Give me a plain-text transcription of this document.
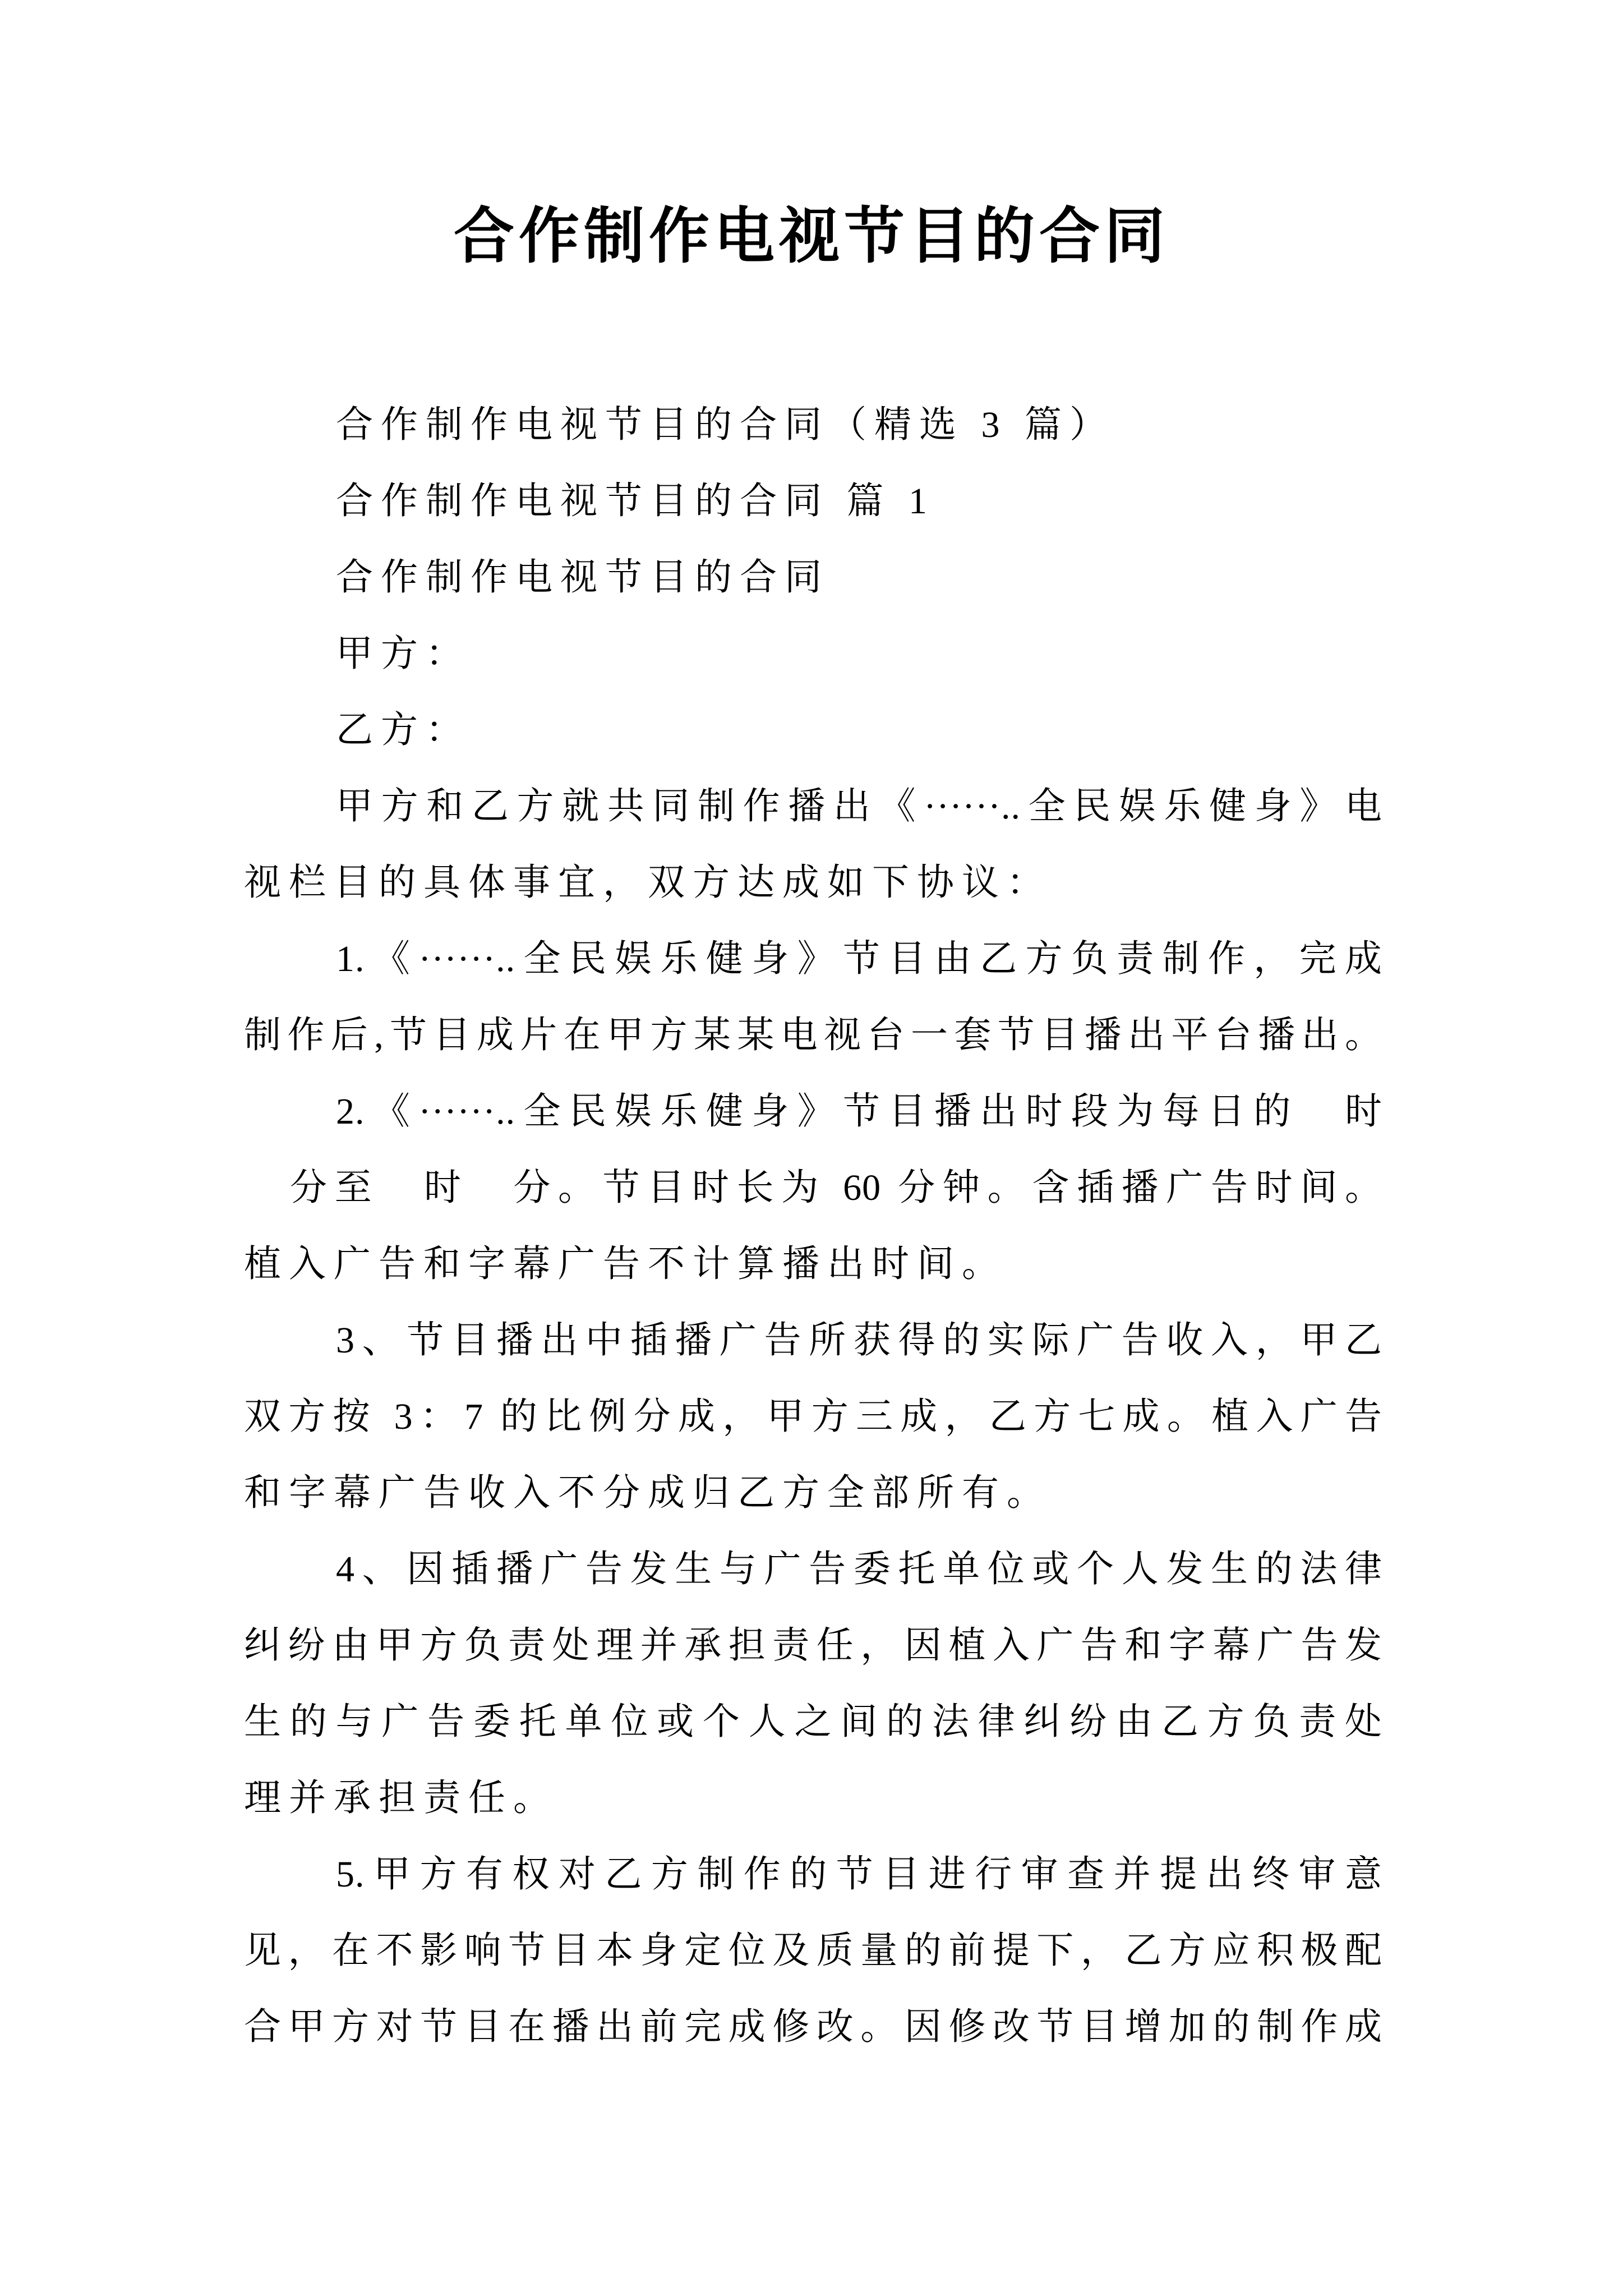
合作制作电视节目的合同
合作制作电视节目的合同（精选 3 篇）
合作制作电视节目的合同 篇 1
合作制作电视节目的合同
甲方：
乙方：
甲方和乙方就共同制作播出《······..全民娱乐健身》电
视栏目的具体事宜，双方达成如下协议：
1.《······..全民娱乐健身》节目由乙方负责制作，完成
制作后,节目成片在甲方某某电视台一套节目播出平台播出。
2.《······..全民娱乐健身》节目播出时段为每日的　时
分至　时　分。节目时长为 60 分钟。含插播广告时间。
植入广告和字幕广告不计算播出时间。
3、节目播出中插播广告所获得的实际广告收入，甲乙
双方按 3：7 的比例分成，甲方三成，乙方七成。植入广告
和字幕广告收入不分成归乙方全部所有。
4、因插播广告发生与广告委托单位或个人发生的法律
纠纷由甲方负责处理并承担责任，因植入广告和字幕广告发
生的与广告委托单位或个人之间的法律纠纷由乙方负责处
理并承担责任。
5.甲方有权对乙方制作的节目进行审查并提出终审意
见，在不影响节目本身定位及质量的前提下，乙方应积极配
合甲方对节目在播出前完成修改。因修改节目增加的制作成
